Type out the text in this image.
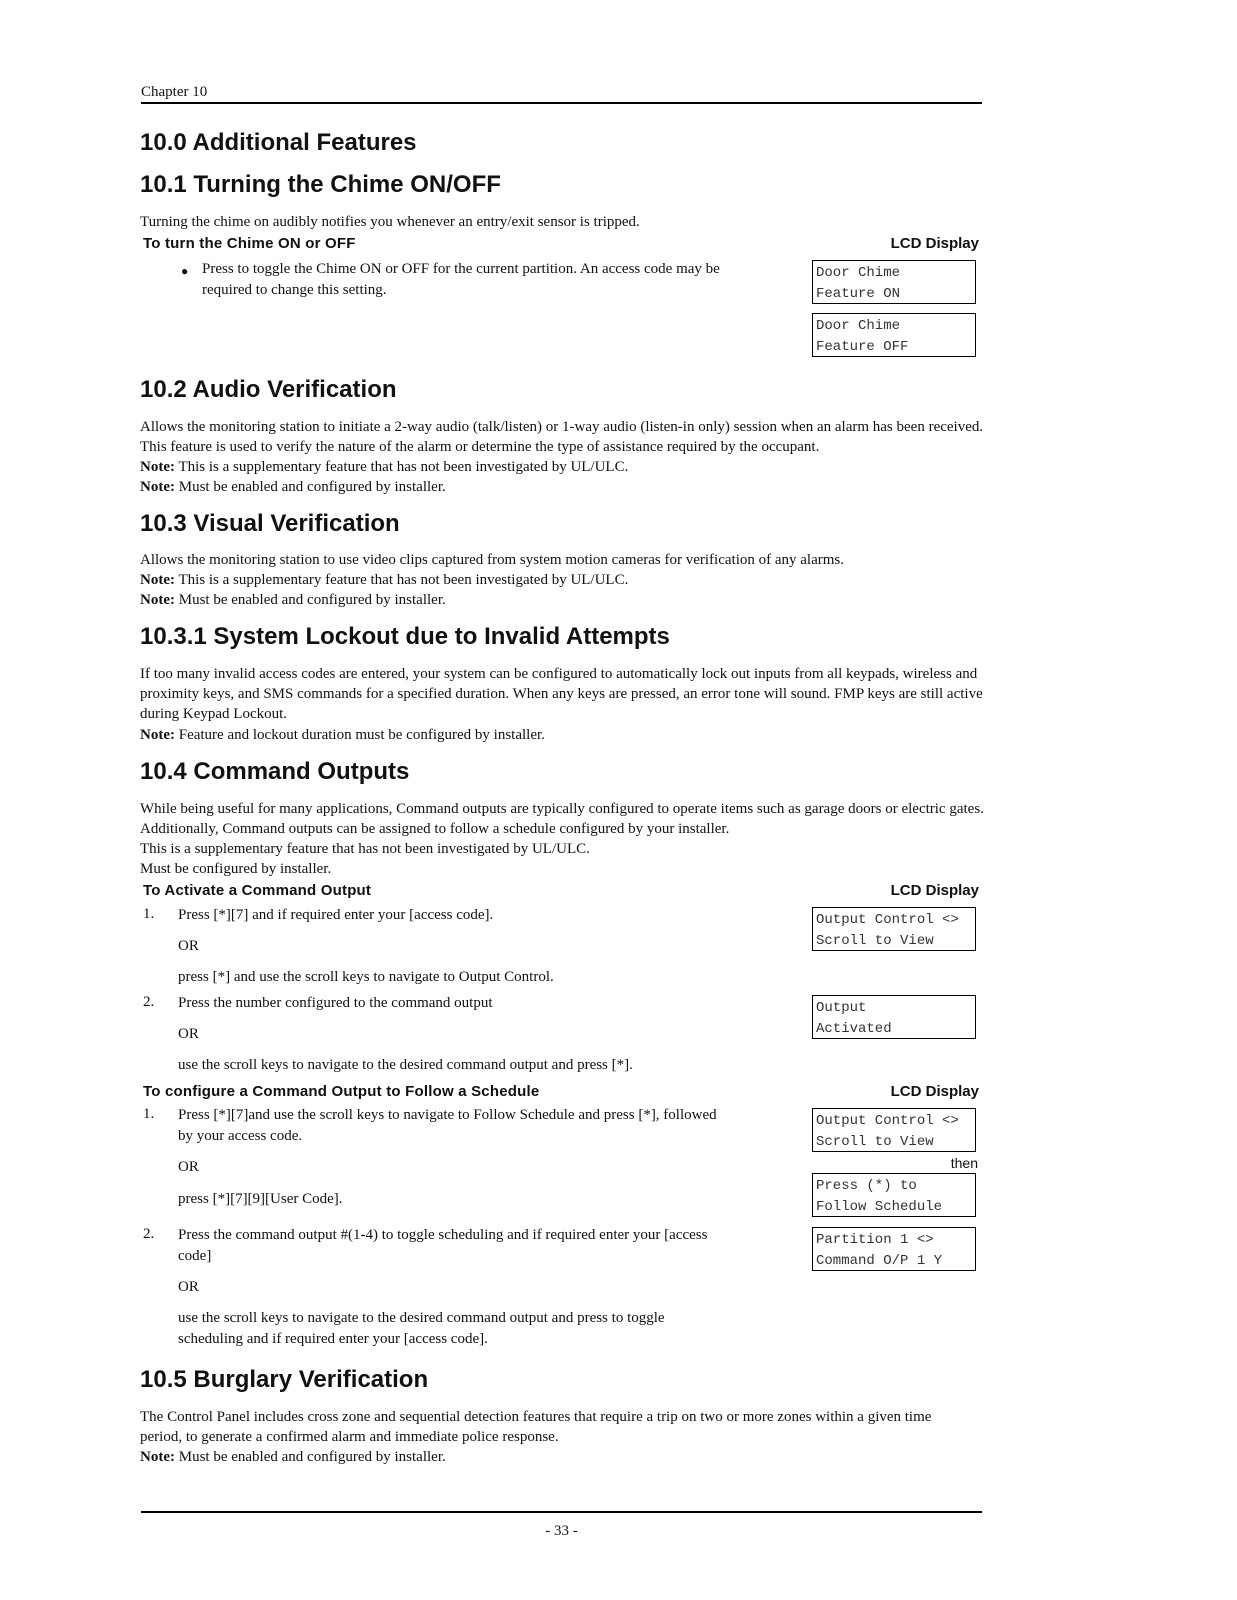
Chapter 10
10.0 Additional Features
10.1 Turning the Chime ON/OFF
Turning the chime on audibly notifies you whenever an entry/exit sensor is tripped.
To turn the Chime ON or OFF	LCD Display
● Press to toggle the Chime ON or OFF for the current partition. An access code may be required to change this setting.
Door Chime
Feature ON
Door Chime
Feature OFF
10.2 Audio Verification
Allows the monitoring station to initiate a 2-way audio (talk/listen) or 1-way audio (listen-in only) session when an alarm has been received. This feature is used to verify the nature of the alarm or determine the type of assistance required by the occupant.
Note: This is a supplementary feature that has not been investigated by UL/ULC.
Note: Must be enabled and configured by installer.
10.3 Visual Verification
Allows the monitoring station to use video clips captured from system motion cameras for verification of any alarms.
Note: This is a supplementary feature that has not been investigated by UL/ULC.
Note: Must be enabled and configured by installer.
10.3.1 System Lockout due to Invalid Attempts
If too many invalid access codes are entered, your system can be configured to automatically lock out inputs from all keypads, wireless and proximity keys, and SMS commands for a specified duration. When any keys are pressed, an error tone will sound. FMP keys are still active during Keypad Lockout.
Note: Feature and lockout duration must be configured by installer.
10.4 Command Outputs
While being useful for many applications, Command outputs are typically configured to operate items such as garage doors or electric gates. Additionally, Command outputs can be assigned to follow a schedule configured by your installer.
This is a supplementary feature that has not been investigated by UL/ULC.
Must be configured by installer.
To Activate a Command Output	LCD Display
1. Press [*][7] and if required enter your [access code].
OR
press [*] and use the scroll keys to navigate to Output Control.
2. Press the number configured to the command output
OR
use the scroll keys to navigate to the desired command output and press [*].
Output Control <>
Scroll to View
Output
Activated
To configure a Command Output to Follow a Schedule	LCD Display
1. Press [*][7]and use the scroll keys to navigate to Follow Schedule and press [*], followed by your access code.
OR
press [*][7][9][User Code].
2. Press the command output #(1-4) to toggle scheduling and if required enter your [access code]
OR
use the scroll keys to navigate to the desired command output and press to toggle scheduling and if required enter your [access code].
Output Control <>
Scroll to View
then
Press (*) to
Follow Schedule
Partition 1 <>
Command O/P 1 Y
10.5 Burglary Verification
The Control Panel includes cross zone and sequential detection features that require a trip on two or more zones within a given time period, to generate a confirmed alarm and immediate police response.
Note: Must be enabled and configured by installer.
- 33 -
